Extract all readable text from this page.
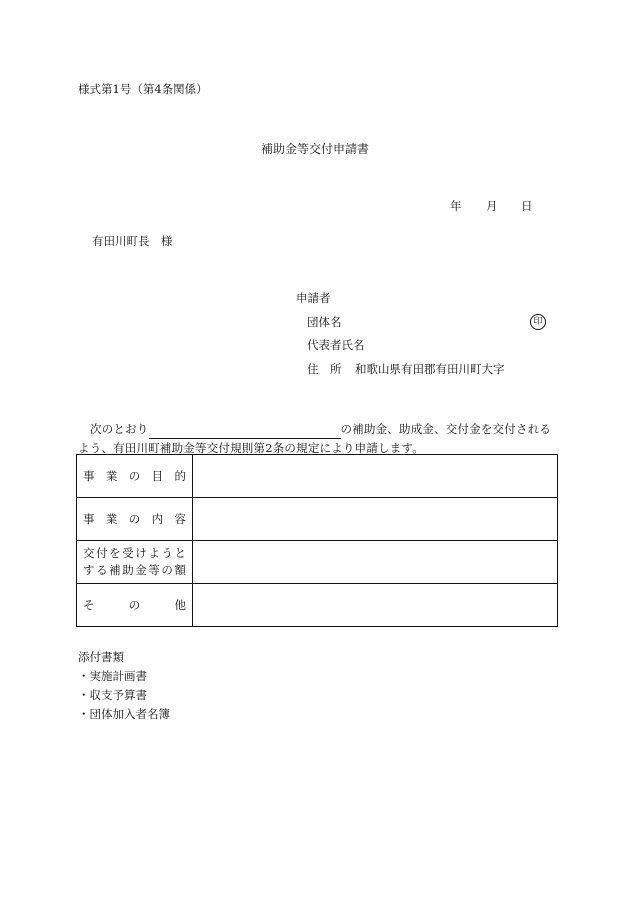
様式第1号（第4条関係）
補助金等交付申請書
年 月 日
有田川町長　様
申請者
団体名	印
代表者氏名
住　所 和歌山県有田郡有田川町大字
次のとおり	の補助金、助成金、交付金を交付される
よう、有田川町補助金等交付規則第2条の規定により申請します。
事 業 の 目 的	

事 業 の 内 容	

交付を受けようと
する補助金等の額	

そ の 他	

添付書類
・実施計画書
・収支予算書
・団体加入者名簿
